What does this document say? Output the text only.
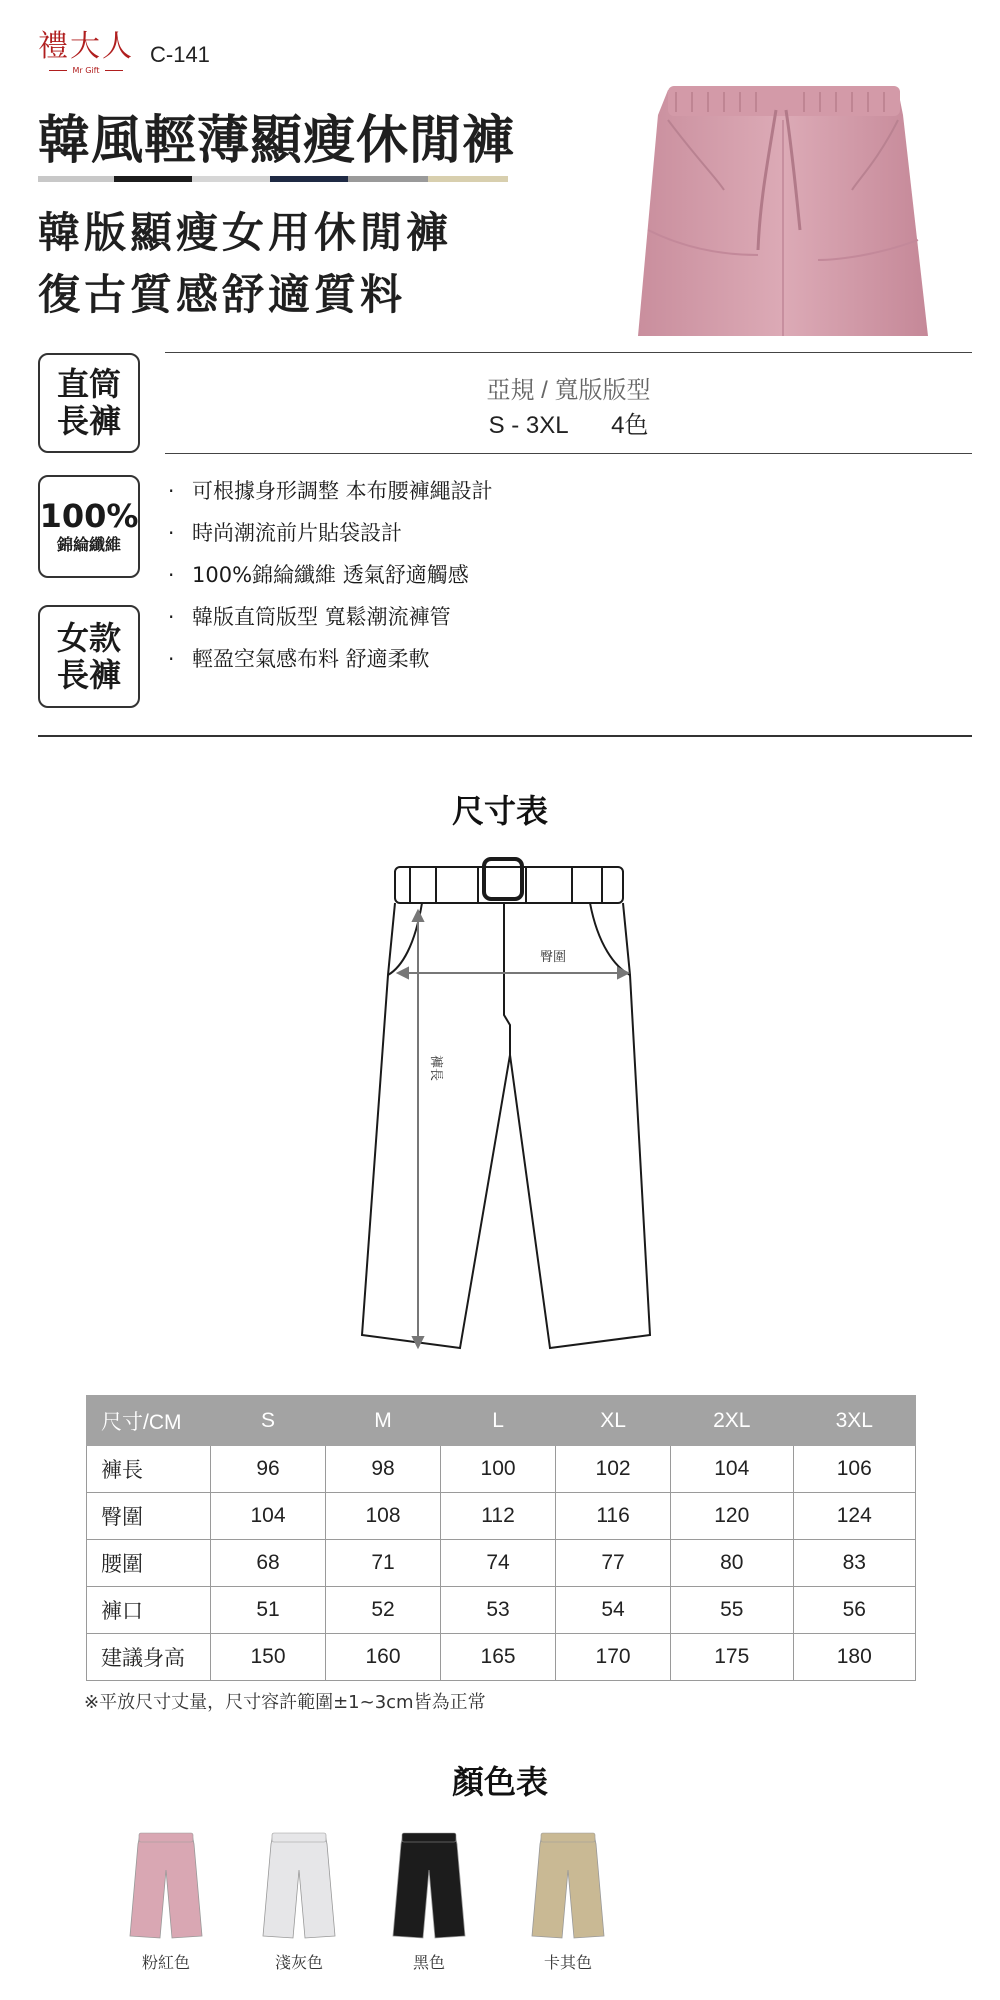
禮大人
Mr Gift
C-141
韓風輕薄顯瘦休閒褲
韓版顯瘦女用休閒褲
復古質感舒適質料
直筒
長褲
100%
錦綸纖維
女款
長褲
亞規 / 寬版版型
S - 3XL 4色
· 可根據身形調整 本布腰褲繩設計
· 時尚潮流前片貼袋設計
· 100%錦綸纖維 透氣舒適觸感
· 韓版直筒版型 寬鬆潮流褲管
· 輕盈空氣感布料 舒適柔軟
尺寸表
臀圍
褲長
尺寸/CM	S	M	L	XL	2XL	3XL
褲長	96	98	100	102	104	106
臀圍	104	108	112	116	120	124
腰圍	68	71	74	77	80	83
褲口	51	52	53	54	55	56
建議身高	150	160	165	170	175	180
※平放尺寸丈量，尺寸容許範圍±1~3cm皆為正常
顏色表
粉紅色	淺灰色	黑色	卡其色
